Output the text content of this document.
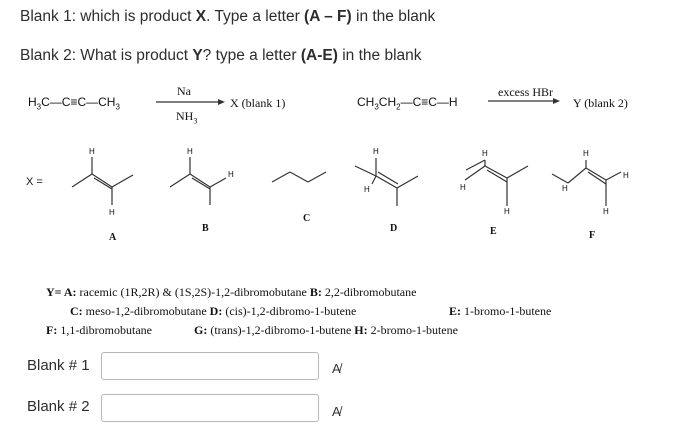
Blank 1: which is product X. Type a letter (A – F) in the blank
Blank 2: What is product Y? type a letter (A-E) in the blank
$H_3C—C\equiv C—CH_3$
Na
$NH_3$
X (blank 1)	$CH_3CH_2—C\equiv C—H$
excess HBr
Y (blank 2)
X =
H
H
H
H
H
H
H
H
H
H
H
H
H
A
B
C
D	E	F
Y= A: racemic (1R,2R) & (1S,2S)-1,2-dibromobutane B: 2,2-dibromobutane
C: meso-1,2-dibromobutane D: (cis)-1,2-dibromo-1-butene	E: 1-bromo-1-butene
F: 1,1-dibromobutane	G: (trans)-1,2-dibromo-1-butene H: 2-bromo-1-butene
Blank # 1	A̸
Blank # 2	A̸
